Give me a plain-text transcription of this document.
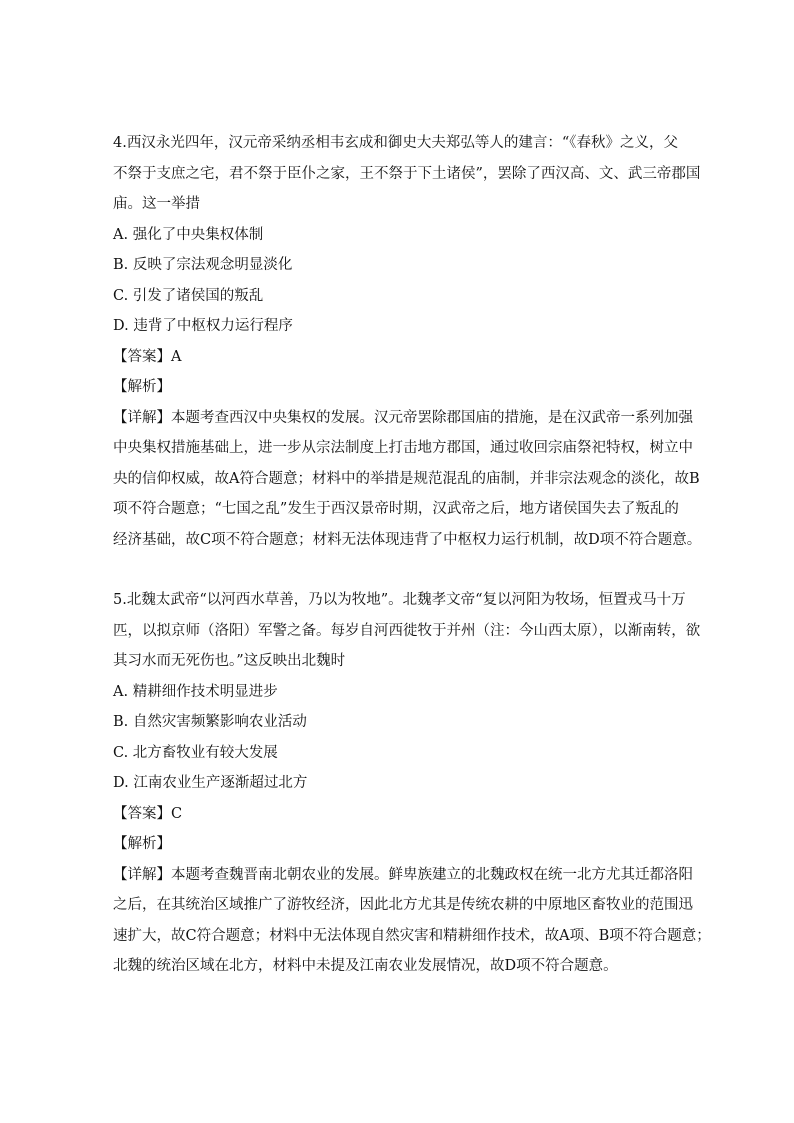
4.西汉永光四年，汉元帝采纳丞相韦玄成和御史大夫郑弘等人的建言：“《春秋》之义，父
不祭于支庶之宅，君不祭于臣仆之家，王不祭于下土诸侯”，罢除了西汉高、文、武三帝郡国
庙。这一举措
A. 强化了中央集权体制
B. 反映了宗法观念明显淡化
C. 引发了诸侯国的叛乱
D. 违背了中枢权力运行程序
【答案】A
【解析】
【详解】本题考查西汉中央集权的发展。汉元帝罢除郡国庙的措施，是在汉武帝一系列加强
中央集权措施基础上，进一步从宗法制度上打击地方郡国，通过收回宗庙祭祀特权，树立中
央的信仰权威，故A符合题意；材料中的举措是规范混乱的庙制，并非宗法观念的淡化，故B
项不符合题意；“七国之乱”发生于西汉景帝时期，汉武帝之后，地方诸侯国失去了叛乱的
经济基础，故C项不符合题意；材料无法体现违背了中枢权力运行机制，故D项不符合题意。
5.北魏太武帝“以河西水草善，乃以为牧地”。北魏孝文帝“复以河阳为牧场，恒置戎马十万
匹，以拟京师（洛阳）军警之备。每岁自河西徙牧于并州（注：今山西太原），以渐南转，欲
其习水而无死伤也。”这反映出北魏时
A. 精耕细作技术明显进步
B. 自然灾害频繁影响农业活动
C. 北方畜牧业有较大发展
D. 江南农业生产逐渐超过北方
【答案】C
【解析】
【详解】本题考查魏晋南北朝农业的发展。鲜卑族建立的北魏政权在统一北方尤其迁都洛阳
之后，在其统治区域推广了游牧经济，因此北方尤其是传统农耕的中原地区畜牧业的范围迅
速扩大，故C符合题意；材料中无法体现自然灾害和精耕细作技术，故A项、B项不符合题意；
北魏的统治区域在北方，材料中未提及江南农业发展情况，故D项不符合题意。
